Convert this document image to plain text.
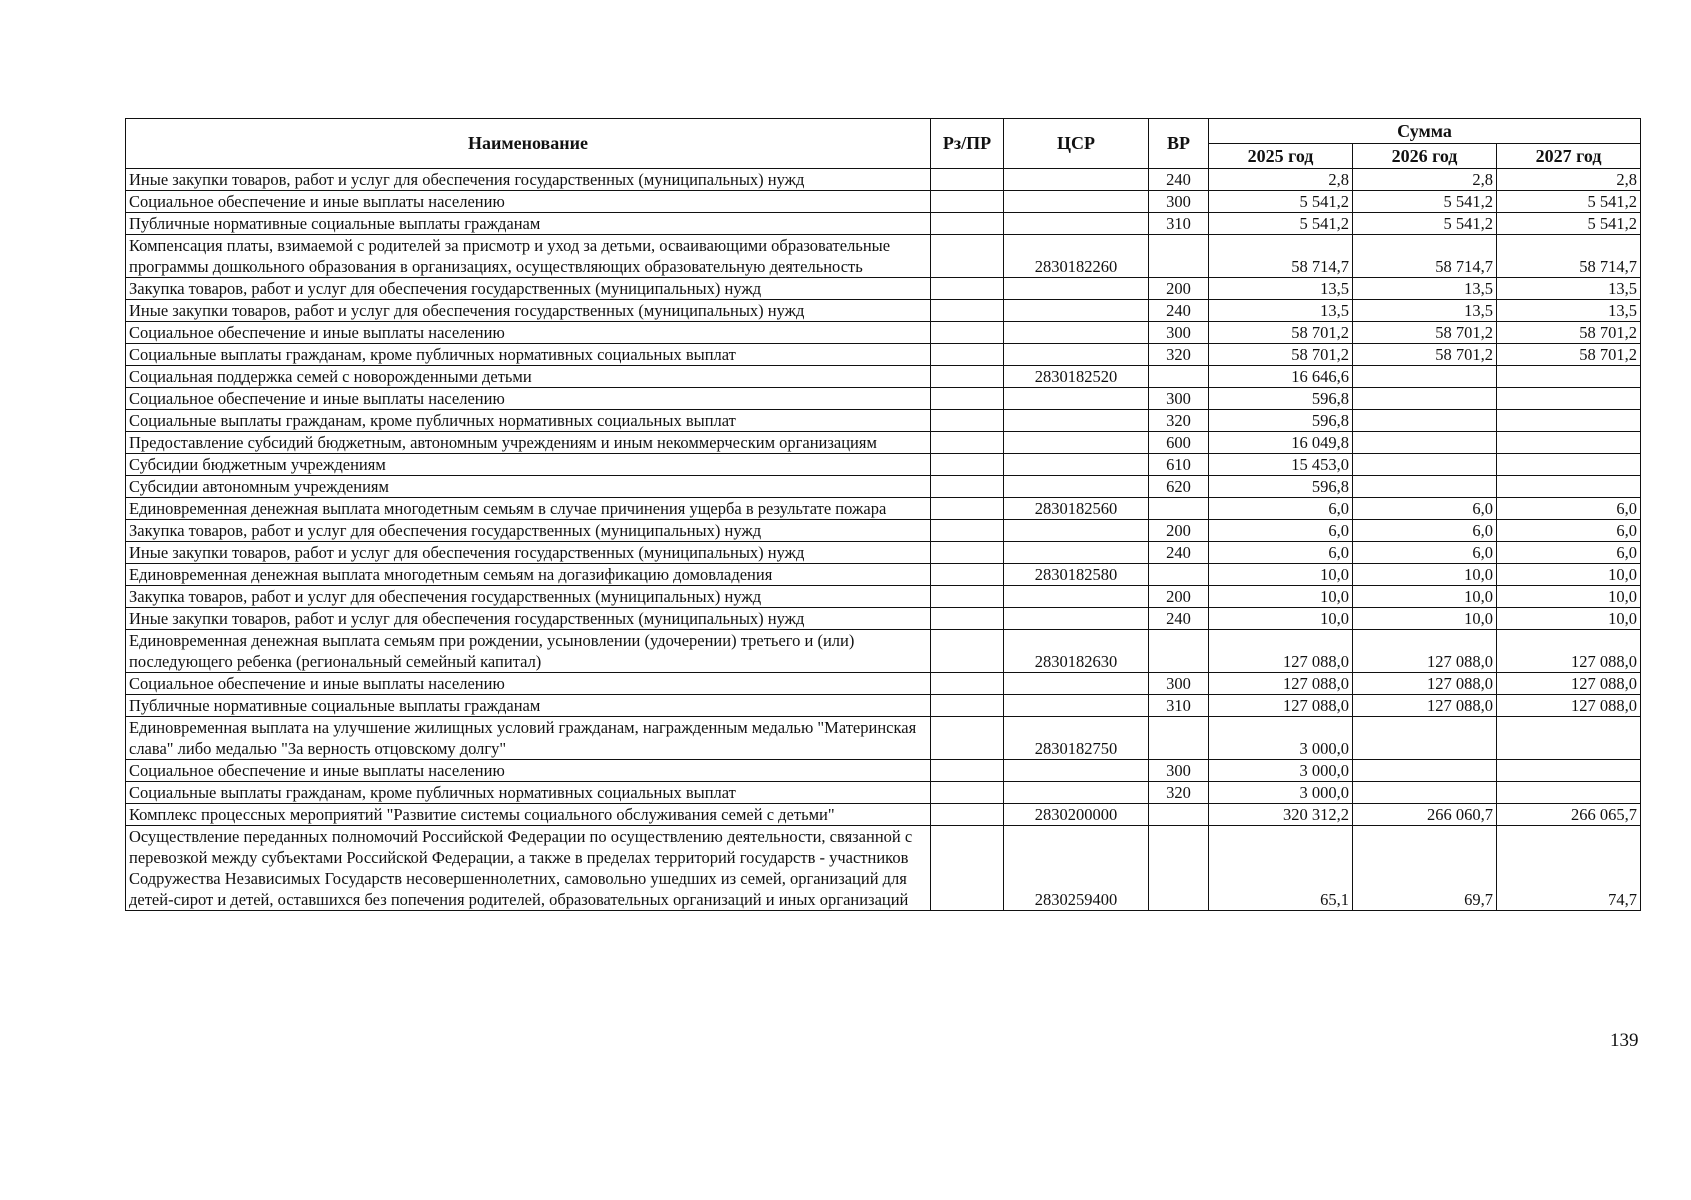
Наименование	Рз/ПР	ЦСР	ВР	Сумма		
				2025 год	2026 год	2027 год
Иные закупки товаров, работ и услуг для обеспечения государственных (муниципальных) нужд			240	2,8	2,8	2,8
Социальное обеспечение и иные выплаты населению			300	5 541,2	5 541,2	5 541,2
Публичные нормативные социальные выплаты гражданам			310	5 541,2	5 541,2	5 541,2
Компенсация платы, взимаемой с родителей за присмотр и уход за детьми, осваивающими образовательные программы дошкольного образования в организациях, осуществляющих образовательную деятельность		2830182260		58 714,7	58 714,7	58 714,7
Закупка товаров, работ и услуг для обеспечения государственных (муниципальных) нужд			200	13,5	13,5	13,5
Иные закупки товаров, работ и услуг для обеспечения государственных (муниципальных) нужд			240	13,5	13,5	13,5
Социальное обеспечение и иные выплаты населению			300	58 701,2	58 701,2	58 701,2
Социальные выплаты гражданам, кроме публичных нормативных социальных выплат			320	58 701,2	58 701,2	58 701,2
Социальная поддержка семей с новорожденными детьми		2830182520		16 646,6		
Социальное обеспечение и иные выплаты населению			300	596,8		
Социальные выплаты гражданам, кроме публичных нормативных социальных выплат			320	596,8		
Предоставление субсидий бюджетным, автономным учреждениям и иным некоммерческим организациям			600	16 049,8		
Субсидии бюджетным учреждениям			610	15 453,0		
Субсидии автономным учреждениям			620	596,8		
Единовременная денежная выплата многодетным семьям в случае причинения ущерба в результате пожара		2830182560		6,0	6,0	6,0
Закупка товаров, работ и услуг для обеспечения государственных (муниципальных) нужд			200	6,0	6,0	6,0
Иные закупки товаров, работ и услуг для обеспечения государственных (муниципальных) нужд			240	6,0	6,0	6,0
Единовременная денежная выплата многодетным семьям на догазификацию домовладения		2830182580		10,0	10,0	10,0
Закупка товаров, работ и услуг для обеспечения государственных (муниципальных) нужд			200	10,0	10,0	10,0
Иные закупки товаров, работ и услуг для обеспечения государственных (муниципальных) нужд			240	10,0	10,0	10,0
Единовременная денежная выплата семьям при рождении, усыновлении (удочерении) третьего и (или) последующего ребенка (региональный семейный капитал)		2830182630		127 088,0	127 088,0	127 088,0
Социальное обеспечение и иные выплаты населению			300	127 088,0	127 088,0	127 088,0
Публичные нормативные социальные выплаты гражданам			310	127 088,0	127 088,0	127 088,0
Единовременная выплата на улучшение жилищных условий гражданам, награжденным медалью "Материнская слава" либо медалью "За верность отцовскому долгу"		2830182750		3 000,0		
Социальное обеспечение и иные выплаты населению			300	3 000,0		
Социальные выплаты гражданам, кроме публичных нормативных социальных выплат			320	3 000,0		
Комплекс процессных мероприятий "Развитие системы социального обслуживания семей с детьми"		2830200000		320 312,2	266 060,7	266 065,7
Осуществление переданных полномочий Российской Федерации по осуществлению деятельности, связанной с перевозкой между субъектами Российской Федерации, а также в пределах территорий государств - участников Содружества Независимых Государств несовершеннолетних, самовольно ушедших из семей, организаций для детей-сирот и детей, оставшихся без попечения родителей, образовательных организаций и иных организаций		2830259400		65,1	69,7	74,7
139
